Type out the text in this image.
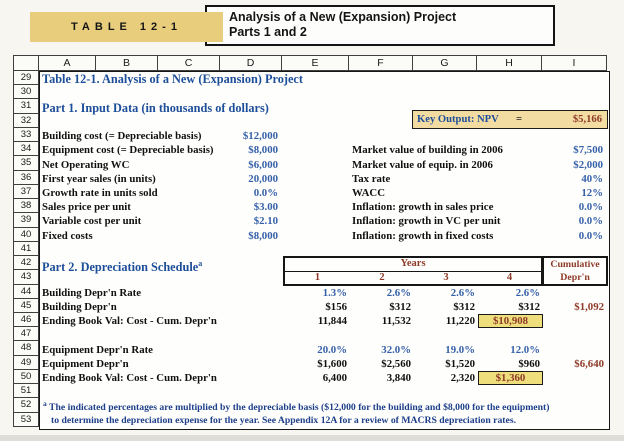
Analysis of a New (Expansion) Project
Parts 1 and 2
TABLE 12-1
A	B	C	D	E	F	G	H	I
29
30
31
32
33
34
35
36
37
38
39
40
41
42
43
44
45
46
47
48
49
50
51
52
53
Key Output: NPV =	$5,166
Years
1	2	3	4
Cumulative
Depr'n
Table 12-1. Analysis of a New (Expansion) Project
Part 1. Input Data (in thousands of dollars)
Building cost (= Depreciable basis)	$12,000
Equipment cost (= Depreciable basis)	$8,000	Market value of building in 2006	$7,500
Net Operating WC	$6,000	Market value of equip. in 2006	$2,000
First year sales (in units)	20,000	Tax rate	40%
Growth rate in units sold	0.0%	WACC	12%
Sales price per unit	$3.00	Inflation: growth in sales price	0.0%
Variable cost per unit	$2.10	Inflation: growth in VC per unit	0.0%
Fixed costs	$8,000	Inflation: growth in fixed costs	0.0%
Part 2. Depreciation Schedule$^a$
Building Depr'n Rate	1.3%	2.6%	2.6%	2.6%
Building Depr'n	$156	$312	$312	$312	$1,092
Ending Book Val: Cost - Cum. Depr'n	11,844	11,532	11,220	$10,908
Equipment Depr'n Rate	20.0%	32.0%	19.0%	12.0%
Equipment Depr'n	$1,600	$2,560	$1,520	$960	$6,640
Ending Book Val: Cost - Cum. Depr'n	6,400	3,840	2,320	$1,360
$^a$ The indicated percentages are multiplied by the depreciable basis ($12,000 for the building and $8,000 for the equipment)
to determine the depreciation expense for the year. See Appendix 12A for a review of MACRS depreciation rates.
